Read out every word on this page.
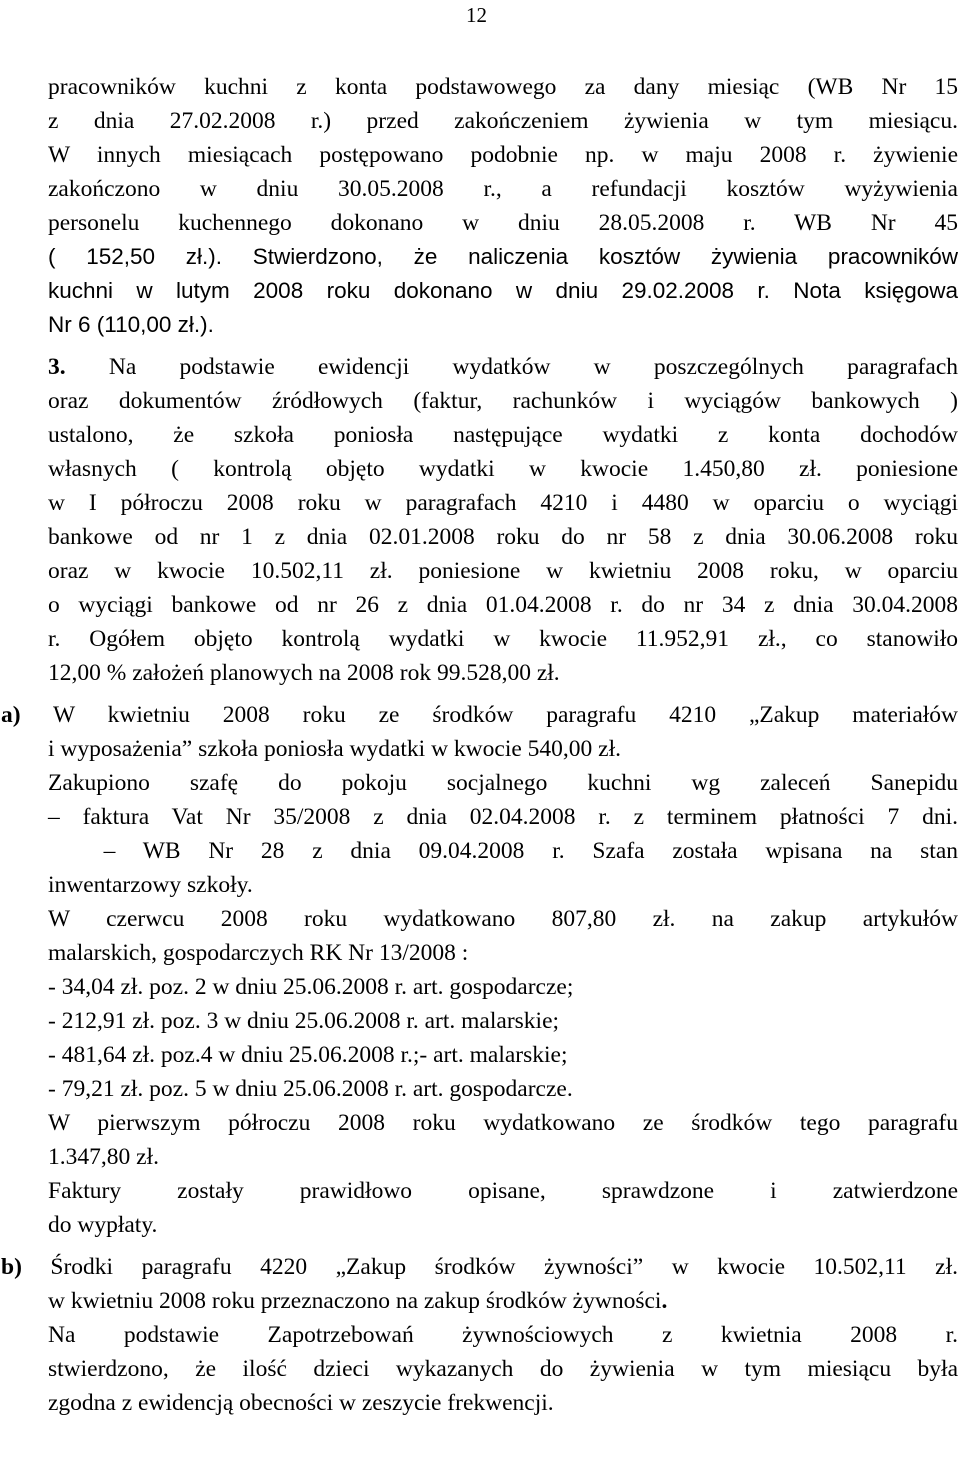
12
pracowników kuchni z konta podstawowego za dany miesiąc (WB Nr 15
z dnia 27.02.2008 r.) przed zakończeniem żywienia w tym miesiącu.
W innych miesiącach postępowano podobnie np. w maju 2008 r. żywienie
zakończono w dniu 30.05.2008 r., a refundacji kosztów wyżywienia
personelu kuchennego dokonano w dniu 28.05.2008 r. WB Nr 45
( 152,50 zł.). Stwierdzono, że naliczenia kosztów żywienia pracowników
kuchni w lutym 2008 roku dokonano w dniu 29.02.2008 r. Nota księgowa
Nr 6 (110,00 zł.).
3. Na podstawie ewidencji wydatków w poszczególnych paragrafach
oraz dokumentów źródłowych (faktur, rachunków i wyciągów bankowych )
ustalono, że szkoła poniosła następujące wydatki z konta dochodów
własnych ( kontrolą objęto wydatki w kwocie 1.450,80 zł. poniesione
w I półroczu 2008 roku w paragrafach 4210 i 4480 w oparciu o wyciągi
bankowe od nr 1 z dnia 02.01.2008 roku do nr 58 z dnia 30.06.2008 roku
oraz w kwocie 10.502,11 zł. poniesione w kwietniu 2008 roku, w oparciu
o wyciągi bankowe od nr 26 z dnia 01.04.2008 r. do nr 34 z dnia 30.04.2008
r. Ogółem objęto kontrolą wydatki w kwocie 11.952,91 zł., co stanowiło
12,00 % założeń planowych na 2008 rok 99.528,00 zł.
a) W kwietniu 2008 roku ze środków paragrafu 4210 „Zakup materiałów
i wyposażenia” szkoła poniosła wydatki w kwocie 540,00 zł.
Zakupiono szafę do pokoju socjalnego kuchni wg zaleceń Sanepidu
– faktura Vat Nr 35/2008 z dnia 02.04.2008 r. z terminem płatności 7 dni.
– WB Nr 28 z dnia 09.04.2008 r. Szafa została wpisana na stan
inwentarzowy szkoły.
W czerwcu 2008 roku wydatkowano 807,80 zł. na zakup artykułów
malarskich, gospodarczych RK Nr 13/2008 :
- 34,04 zł. poz. 2 w dniu 25.06.2008 r. art. gospodarcze;
- 212,91 zł. poz. 3 w dniu 25.06.2008 r. art. malarskie;
- 481,64 zł. poz.4 w dniu 25.06.2008 r.;- art. malarskie;
- 79,21 zł. poz. 5 w dniu 25.06.2008 r. art. gospodarcze.
W pierwszym półroczu 2008 roku wydatkowano ze środków tego paragrafu
1.347,80 zł.
Faktury zostały prawidłowo opisane, sprawdzone i zatwierdzone
do wypłaty.
b) Środki paragrafu 4220 „Zakup środków żywności” w kwocie 10.502,11 zł.
w kwietniu 2008 roku przeznaczono na zakup środków żywności.
Na podstawie Zapotrzebowań żywnościowych z kwietnia 2008 r.
stwierdzono, że ilość dzieci wykazanych do żywienia w tym miesiącu była
zgodna z ewidencją obecności w zeszycie frekwencji.
